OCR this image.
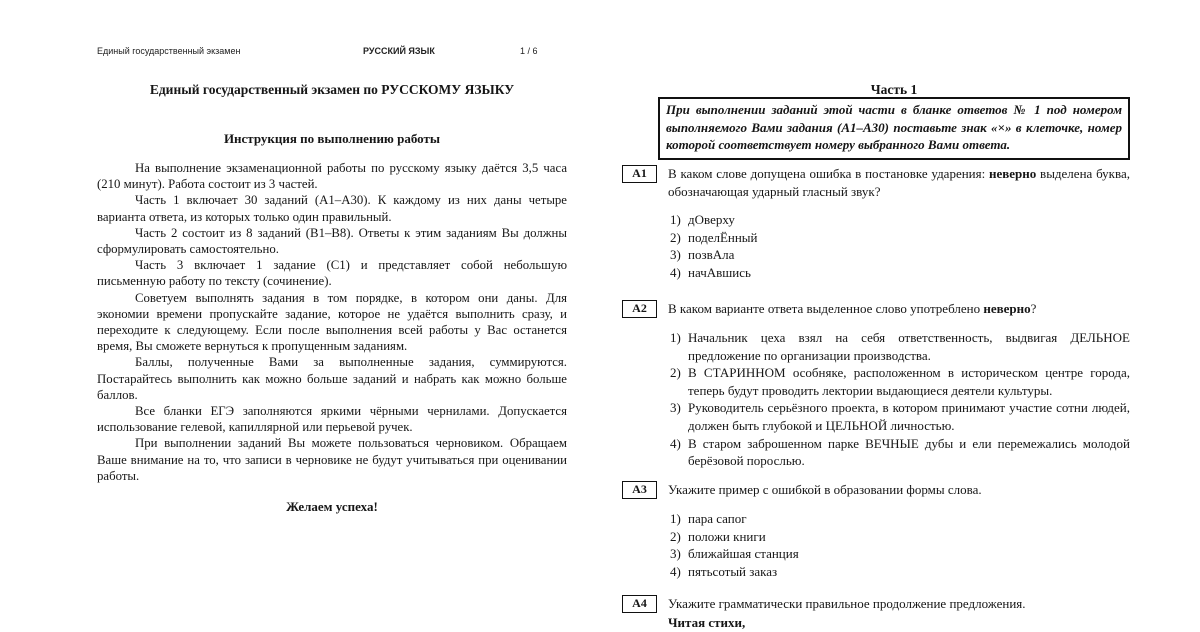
Единый государственный экзамен	РУССКИЙ ЯЗЫК	1 / 6
Единый государственный экзамен по РУССКОМУ ЯЗЫКУ
Инструкция по выполнению работы

На выполнение экзаменационной работы по русскому языку даётся 3,5 часа (210 минут). Работа состоит из 3 частей.

Часть 1 включает 30 заданий (А1–А30). К каждому из них даны четыре варианта ответа, из которых только один правильный.

Часть 2 состоит из 8 заданий (В1–В8). Ответы к этим заданиям Вы должны сформулировать самостоятельно.

Часть 3 включает 1 задание (С1) и представляет собой небольшую письменную работу по тексту (сочинение).

Советуем выполнять задания в том порядке, в котором они даны. Для экономии времени пропускайте задание, которое не удаётся выполнить сразу, и переходите к следующему. Если после выполнения всей работы у Вас останется время, Вы сможете вернуться к пропущенным заданиям.

Баллы, полученные Вами за выполненные задания, суммируются. Постарайтесь выполнить как можно больше заданий и набрать как можно больше баллов.

Все бланки ЕГЭ заполняются яркими чёрными чернилами. Допускается использование гелевой, капиллярной или перьевой ручек.

При выполнении заданий Вы можете пользоваться черновиком. Обращаем Ваше внимание на то, что записи в черновике не будут учитываться при оценивании работы.

Желаем успеха!
Часть 1
При выполнении заданий этой части в бланке ответов № 1 под номером выполняемого Вами задания (А1–А30) поставьте знак «×» в клеточке, номер которой соответствует номеру выбранного Вами ответа.
А1	В каком слове допущена ошибка в постановке ударения: неверно выделена буква, обозначающая ударный гласный звук?
1) дОверху
2) поделЁнный
3) позвАла
4) начАвшись
А2	В каком варианте ответа выделенное слово употреблено неверно?
1) Начальник цеха взял на себя ответственность, выдвигая ДЕЛЬНОЕ предложение по организации производства.
2) В СТАРИННОМ особняке, расположенном в историческом центре города, теперь будут проводить лектории выдающиеся деятели культуры.
3) Руководитель серьёзного проекта, в котором принимают участие сотни людей, должен быть глубокой и ЦЕЛЬНОЙ личностью.
4) В старом заброшенном парке ВЕЧНЫЕ дубы и ели перемежались молодой берёзовой порослью.
А3	Укажите пример с ошибкой в образовании формы слова.
1) пара сапог
2) положи книги
3) ближайшая станция
4) пятьсотый заказ
А4	Укажите грамматически правильное продолжение предложения.
Читая стихи,
